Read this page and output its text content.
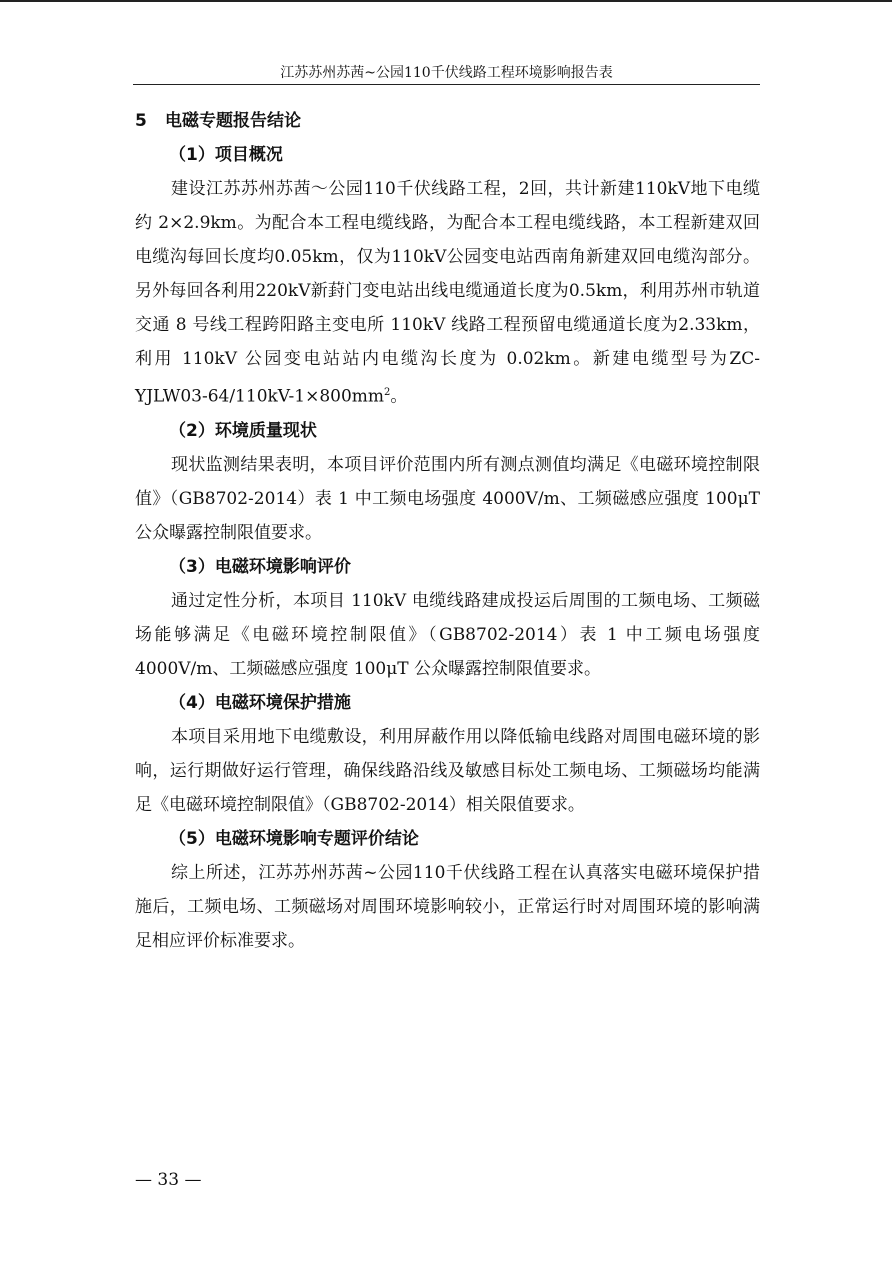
江苏苏州苏茜~公园110千伏线路工程环境影响报告表

5 电磁专题报告结论

（1）项目概况

建设江苏苏州苏茜～公园110千伏线路工程，2回，共计新建110kV地下电缆约 2×2.9km。为配合本工程电缆线路，为配合本工程电缆线路，本工程新建双回电缆沟每回长度均0.05km，仅为110kV公园变电站西南角新建双回电缆沟部分。另外每回各利用220kV新葑门变电站出线电缆通道长度为0.5km，利用苏州市轨道交通 8 号线工程跨阳路主变电所 110kV 线路工程预留电缆通道长度为2.33km，利用 110kV 公园变电站站内电缆沟长度为 0.02km。新建电缆型号为$ZC-YJLW03-64/110kV-1\times 800mm^2$。

（2）环境质量现状

现状监测结果表明，本项目评价范围内所有测点测值均满足《电磁环境控制限值》（GB8702-2014）表 1 中工频电场强度 4000V/m、工频磁感应强度 100μT 公众曝露控制限值要求。

（3）电磁环境影响评价

通过定性分析，本项目 110kV 电缆线路建成投运后周围的工频电场、工频磁场能够满足《电磁环境控制限值》（GB8702-2014）表 1 中工频电场强度4000V/m、工频磁感应强度 100μT 公众曝露控制限值要求。

（4）电磁环境保护措施

本项目采用地下电缆敷设，利用屏蔽作用以降低输电线路对周围电磁环境的影响，运行期做好运行管理，确保线路沿线及敏感目标处工频电场、工频磁场均能满足《电磁环境控制限值》（GB8702-2014）相关限值要求。

（5）电磁环境影响专题评价结论

综上所述，江苏苏州苏茜~公园110千伏线路工程在认真落实电磁环境保护措施后，工频电场、工频磁场对周围环境影响较小，正常运行时对周围环境的影响满足相应评价标准要求。

— 33 —
